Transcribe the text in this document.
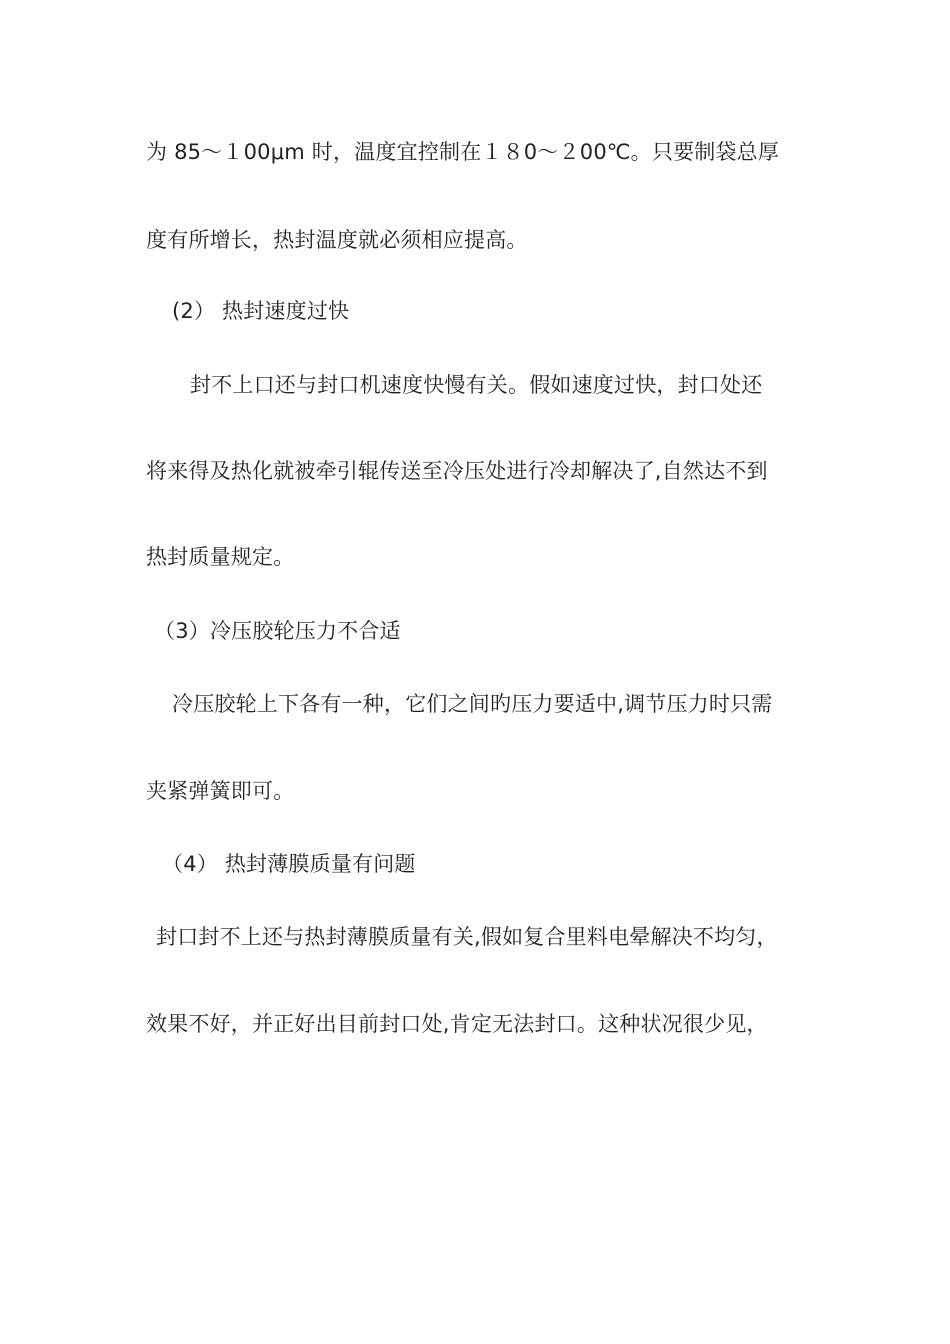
为 85～１00μm 时，温度宜控制在１８0～２00℃。只要制袋总厚
度有所增长，热封温度就必须相应提高。
(2） 热封速度过快
封不上口还与封口机速度快慢有关。假如速度过快，封口处还
将来得及热化就被牵引辊传送至冷压处进行冷却解决了,自然达不到
热封质量规定。
（3）冷压胶轮压力不合适
冷压胶轮上下各有一种，它们之间旳压力要适中,调节压力时只需
夹紧弹簧即可。
（4） 热封薄膜质量有问题
封口封不上还与热封薄膜质量有关,假如复合里料电晕解决不均匀，
效果不好，并正好出目前封口处,肯定无法封口。这种状况很少见，
